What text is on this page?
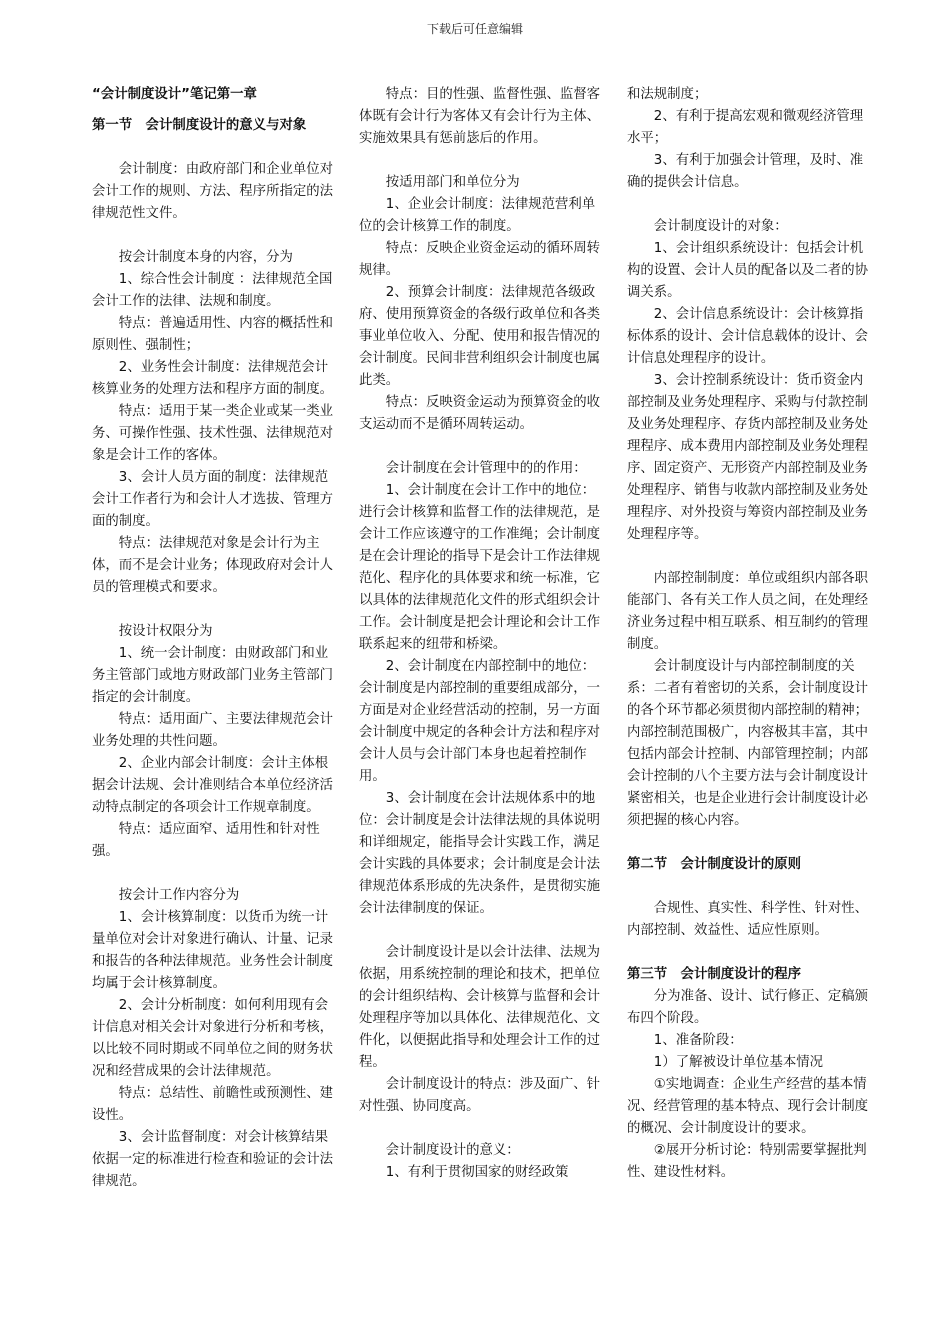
下载后可任意编辑

“会计制度设计”笔记第一章

第一节　会计制度设计的意义与对象

会计制度：由政府部门和企业单位对会计工作的规则、方法、程序所指定的法律规范性文件。

按会计制度本身的内容，分为

1、综合性会计制度 ：法律规范全国会计工作的法律、法规和制度。

特点：普遍适用性、内容的概括性和原则性、强制性；

2、业务性会计制度：法律规范会计核算业务的处理方法和程序方面的制度。

特点：适用于某一类企业或某一类业务、可操作性强、技术性强、法律规范对象是会计工作的客体。

3、会计人员方面的制度：法律规范会计工作者行为和会计人才选拔、管理方面的制度。

特点：法律规范对象是会计行为主体，而不是会计业务；体现政府对会计人员的管理模式和要求。

按设计权限分为

1、统一会计制度：由财政部门和业务主管部门或地方财政部门业务主管部门指定的会计制度。

特点：适用面广、主要法律规范会计业务处理的共性问题。

2、企业内部会计制度：会计主体根据会计法规、会计准则结合本单位经济活动特点制定的各项会计工作规章制度。

特点：适应面窄、适用性和针对性强。

按会计工作内容分为

1、会计核算制度：以货币为统一计量单位对会计对象进行确认、计量、记录和报告的各种法律规范。业务性会计制度均属于会计核算制度。

2、会计分析制度：如何利用现有会计信息对相关会计对象进行分析和考核，以比较不同时期或不同单位之间的财务状况和经营成果的会计法律规范。

特点：总结性、前瞻性或预测性、建设性。

3、会计监督制度：对会计核算结果依据一定的标准进行检查和验证的会计法律规范。

特点：目的性强、监督性强、监督客体既有会计行为客体又有会计行为主体、实施效果具有惩前毖后的作用。

按适用部门和单位分为

1、企业会计制度：法律规范营利单位的会计核算工作的制度。

特点：反映企业资金运动的循环周转规律。

2、预算会计制度：法律规范各级政府、使用预算资金的各级行政单位和各类事业单位收入、分配、使用和报告情况的会计制度。民间非营利组织会计制度也属此类。

特点：反映资金运动为预算资金的收支运动而不是循环周转运动。

会计制度在会计管理中的的作用：

1、会计制度在会计工作中的地位：进行会计核算和监督工作的法律规范，是会计工作应该遵守的工作准绳；会计制度是在会计理论的指导下是会计工作法律规范化、程序化的具体要求和统一标准，它以具体的法律规范化文件的形式组织会计工作。会计制度是把会计理论和会计工作联系起来的纽带和桥梁。

2、会计制度在内部控制中的地位：会计制度是内部控制的重要组成部分，一方面是对企业经营活动的控制，另一方面会计制度中规定的各种会计方法和程序对会计人员与会计部门本身也起着控制作用。

3、会计制度在会计法规体系中的地位：会计制度是会计法律法规的具体说明和详细规定，能指导会计实践工作，满足会计实践的具体要求；会计制度是会计法律规范体系形成的先决条件，是贯彻实施会计法律制度的保证。

会计制度设计是以会计法律、法规为依据，用系统控制的理论和技术，把单位的会计组织结构、会计核算与监督和会计处理程序等加以具体化、法律规范化、文件化，以便据此指导和处理会计工作的过程。

会计制度设计的特点：涉及面广、针对性强、协同度高。

会计制度设计的意义：

1、有利于贯彻国家的财经政策

和法规制度；

2、有利于提高宏观和微观经济管理水平；

3、有利于加强会计管理，及时、准确的提供会计信息。

会计制度设计的对象：

1、会计组织系统设计：包括会计机构的设置、会计人员的配备以及二者的协调关系。

2、会计信息系统设计：会计核算指标体系的设计、会计信息载体的设计、会计信息处理程序的设计。

3、会计控制系统设计：货币资金内部控制及业务处理程序、采购与付款控制及业务处理程序、存货内部控制及业务处理程序、成本费用内部控制及业务处理程序、固定资产、无形资产内部控制及业务处理程序、销售与收款内部控制及业务处理程序、对外投资与筹资内部控制及业务处理程序等。

内部控制制度：单位或组织内部各职能部门、各有关工作人员之间，在处理经济业务过程中相互联系、相互制约的管理制度。

会计制度设计与内部控制制度的关系：二者有着密切的关系，会计制度设计的各个环节都必须贯彻内部控制的精神；内部控制范围极广，内容极其丰富，其中包括内部会计控制、内部管理控制；内部会计控制的八个主要方法与会计制度设计紧密相关，也是企业进行会计制度设计必须把握的核心内容。

第二节　会计制度设计的原则

合规性、真实性、科学性、针对性、内部控制、效益性、适应性原则。

第三节　会计制度设计的程序

分为准备、设计、试行修正、定稿颁布四个阶段。

1、准备阶段：

1）了解被设计单位基本情况

①实地调查：企业生产经营的基本情况、经营管理的基本特点、现行会计制度的概况、会计制度设计的要求。

②展开分析讨论：特别需要掌握批判性、建设性材料。
